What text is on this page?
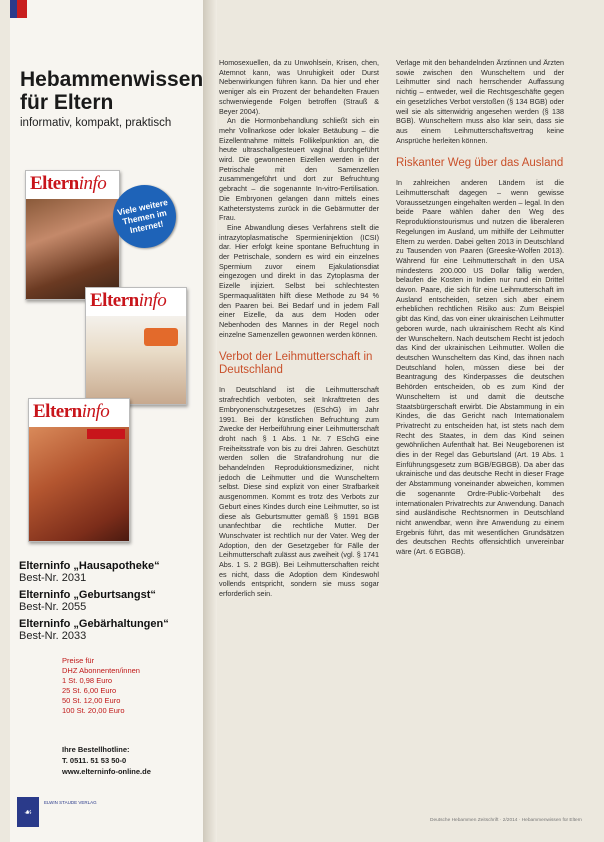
Hebammenwissen
für Eltern
informativ, kompakt, praktisch
Elterninfo
Elterninfo
Elterninfo
Viele weitere Themen im Internet!
Elterninfo „Hausapotheke“
Best-Nr. 2031
Elterninfo „Geburtsangst“
Best-Nr. 2055
Elterninfo „Gebärhaltungen“
Best-Nr. 2033
Preise für
DHZ Abonnenten/innen
1 St. 0,98 Euro
25 St. 6,00 Euro
50 St. 12,00 Euro
100 St. 20,00 Euro
Ihre Bestellhotline:
T. 0511. 51 53 50-0
www.elterninfo-online.de
☙
ELWIN STAUDE VERLAG

Homosexuellen, da zu Unwohlsein, Krisen, chen, Atemnot kann, was Unruhigkeit oder Durst Nebenwirkungen führen kann. Da hier und eher weniger als ein Prozent der behandelten Frauen schwerwiegende Folgen betroffen (Strauß & Beyer 2004).

An die Hormonbehandlung schließt sich ein mehr Vollnarkose oder lokaler Betäubung – die Eizellentnahme mittels Follikelpunktion an, die heute ultraschallgesteuert vaginal durchgeführt wird. Die gewonnenen Eizellen werden in der Petrischale mit den Samenzellen zusammengeführt und dort zur Befruchtung gebracht – die sogenannte In-vitro-Fertilisation. Die Embryonen gelangen dann mittels eines Katheterstystems zurück in die Gebärmutter der Frau.

Eine Abwandlung dieses Verfahrens stellt die intrazytoplasmatische Spermieninjektion (ICSI) dar. Hier erfolgt keine spontane Befruchtung in der Petrischale, sondern es wird ein einzelnes Spermium zuvor einem Ejakulationsdiat eingezogen und direkt in das Zytoplasma der Eizelle injiziert. Selbst bei schlechtesten Spermaqualitäten hilft diese Methode zu 94 % den Paaren bei. Bei Bedarf und in jedem Fall einer Eizelle, da aus dem Hoden oder Nebenhoden des Mannes in der Regel noch einzelne Samenzellen gewonnen werden können.

Verbot der Leihmutterschaft in Deutschland

In Deutschland ist die Leihmutterschaft strafrechtlich verboten, seit Inkrafttreten des Embryonenschutzgesetzes (ESchG) im Jahr 1991. Bei der künstlichen Befruchtung zum Zwecke der Herbeiführung einer Leihmutterschaft droht nach § 1 Abs. 1 Nr. 7 ESchG eine Freiheitsstrafe von bis zu drei Jahren. Geschützt werden sollen die Strafandrohung nur die behandelnden Reproduktionsmediziner, nicht jedoch die Leihmutter und die Wunscheltern selbst. Diese sind explizit von einer Strafbarkeit ausgenommen. Kommt es trotz des Verbots zur Geburt eines Kindes durch eine Leihmutter, so ist diese als Geburtsmutter gemäß § 1591 BGB unanfechtbar die rechtliche Mutter. Der Wunschvater ist rechtlich nur der Vater. Weg der Adoption, den der Gesetzgeber für Fälle der Leihmutterschaft zulässt aus zweiheit (vgl. § 1741 Abs. 1 S. 2 BGB). Bei Leihmutterschaften reicht es nicht, dass die Adoption dem Kindeswohl vollends entspricht, sondern sie muss sogar erforderlich sein.

Verlage mit den behandelnden Ärztinnen und Ärzten sowie zwischen den Wunscheltern und der Leihmutter sind nach herrschender Auffassung nichtig – entweder, weil die Rechtsgeschäfte gegen ein gesetzliches Verbot verstoßen (§ 134 BGB) oder weil sie als sittenwidrig angesehen werden (§ 138 BGB). Wunscheltern muss also klar sein, dass sie aus einem Leihmutterschaftsvertrag keine Ansprüche herleiten können.

Riskanter Weg über das Ausland

In zahlreichen anderen Ländern ist die Leihmutterschaft dagegen – wenn gewisse Voraussetzungen eingehalten werden – legal. In den beide Paare wählen daher den Weg des Reproduktionstourismus und nutzen die liberaleren Regelungen im Ausland, um mithilfe der Leihmutter Eltern zu werden. Dabei gelten 2013 in Deutschland zu Tausenden von Paaren (Greeske-Wolfen 2013). Während für eine Leihmutterschaft in den USA mindestens 200.000 US Dollar fällig werden, belaufen die Kosten in Indien nur rund ein Drittel davon. Paare, die sich für eine Leihmutterschaft im Ausland entscheiden, setzen sich aber einem erheblichen rechtlichen Risiko aus: Zum Beispiel gibt das Kind, das von einer ukrainischen Leihmutter geboren wurde, nach ukrainischem Recht als Kind der Wunscheltern. Nach deutschem Recht ist jedoch das Kind der ukrainischen Leihmutter. Wollen die deutschen Wunscheltern das Kind, das ihnen nach Deutschland holen, müssen diese bei der Beantragung des Kinderpasses die deutschen Behörden entscheiden, ob es zum Kind der Wunscheltern ist und damit die deutsche Staatsbürgerschaft erwirbt. Die Abstammung in ein Kindes, die das Gericht nach Internationalem Privatrecht zu entscheiden hat, ist stets nach dem Recht des Staates, in dem das Kind seinen gewöhnlichen Aufenthalt hat. Bei Neugeborenen ist dies in der Regel das Geburtsland (Art. 19 Abs. 1 Einführungsgesetz zum BGB/EGBGB). Da aber das ukrainische und das deutsche Recht in dieser Frage der Abstammung voneinander abweichen, kommen die sogenannte Ordre-Public-Vorbehalt des internationalen Privatrechts zur Anwendung. Danach sind ausländische Rechtsnormen in Deutschland nicht anwendbar, wenn ihre Anwendung zu einem Ergebnis führt, das mit wesentlichen Grundsätzen des deutschen Rechts offensichtlich unvereinbar wäre (Art. 6 EGBGB).

Deutsche Hebammen Zeitschrift · 2/2014 · Hebammenwissen für Eltern
